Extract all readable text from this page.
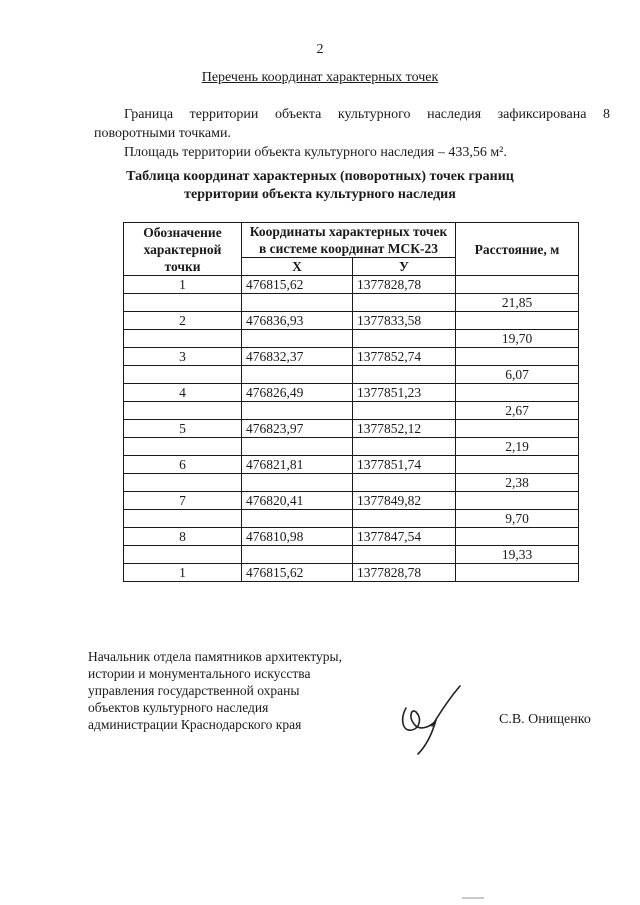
2
Перечень координат характерных точек
Граница территории объекта культурного наследия зафиксирована 8 поворотными точками.
Площадь территории объекта культурного наследия – 433,56 м².
Таблица координат характерных (поворотных) точек границ
территории объекта культурного наследия
Обозначение характерной точки	Координаты характерных точек в системе координат МСК-23		Расстояние, м
	X	У	
1	476815,62	1377828,78	
			21,85
2	476836,93	1377833,58	
			19,70
3	476832,37	1377852,74	
			6,07
4	476826,49	1377851,23	
			2,67
5	476823,97	1377852,12	
			2,19
6	476821,81	1377851,74	
			2,38
7	476820,41	1377849,82	
			9,70
8	476810,98	1377847,54	
			19,33
1	476815,62	1377828,78	
Начальник отдела памятников архитектуры,
истории и монументального искусства
управления государственной охраны
объектов культурного наследия
администрации Краснодарского края	С.В. Онищенко
